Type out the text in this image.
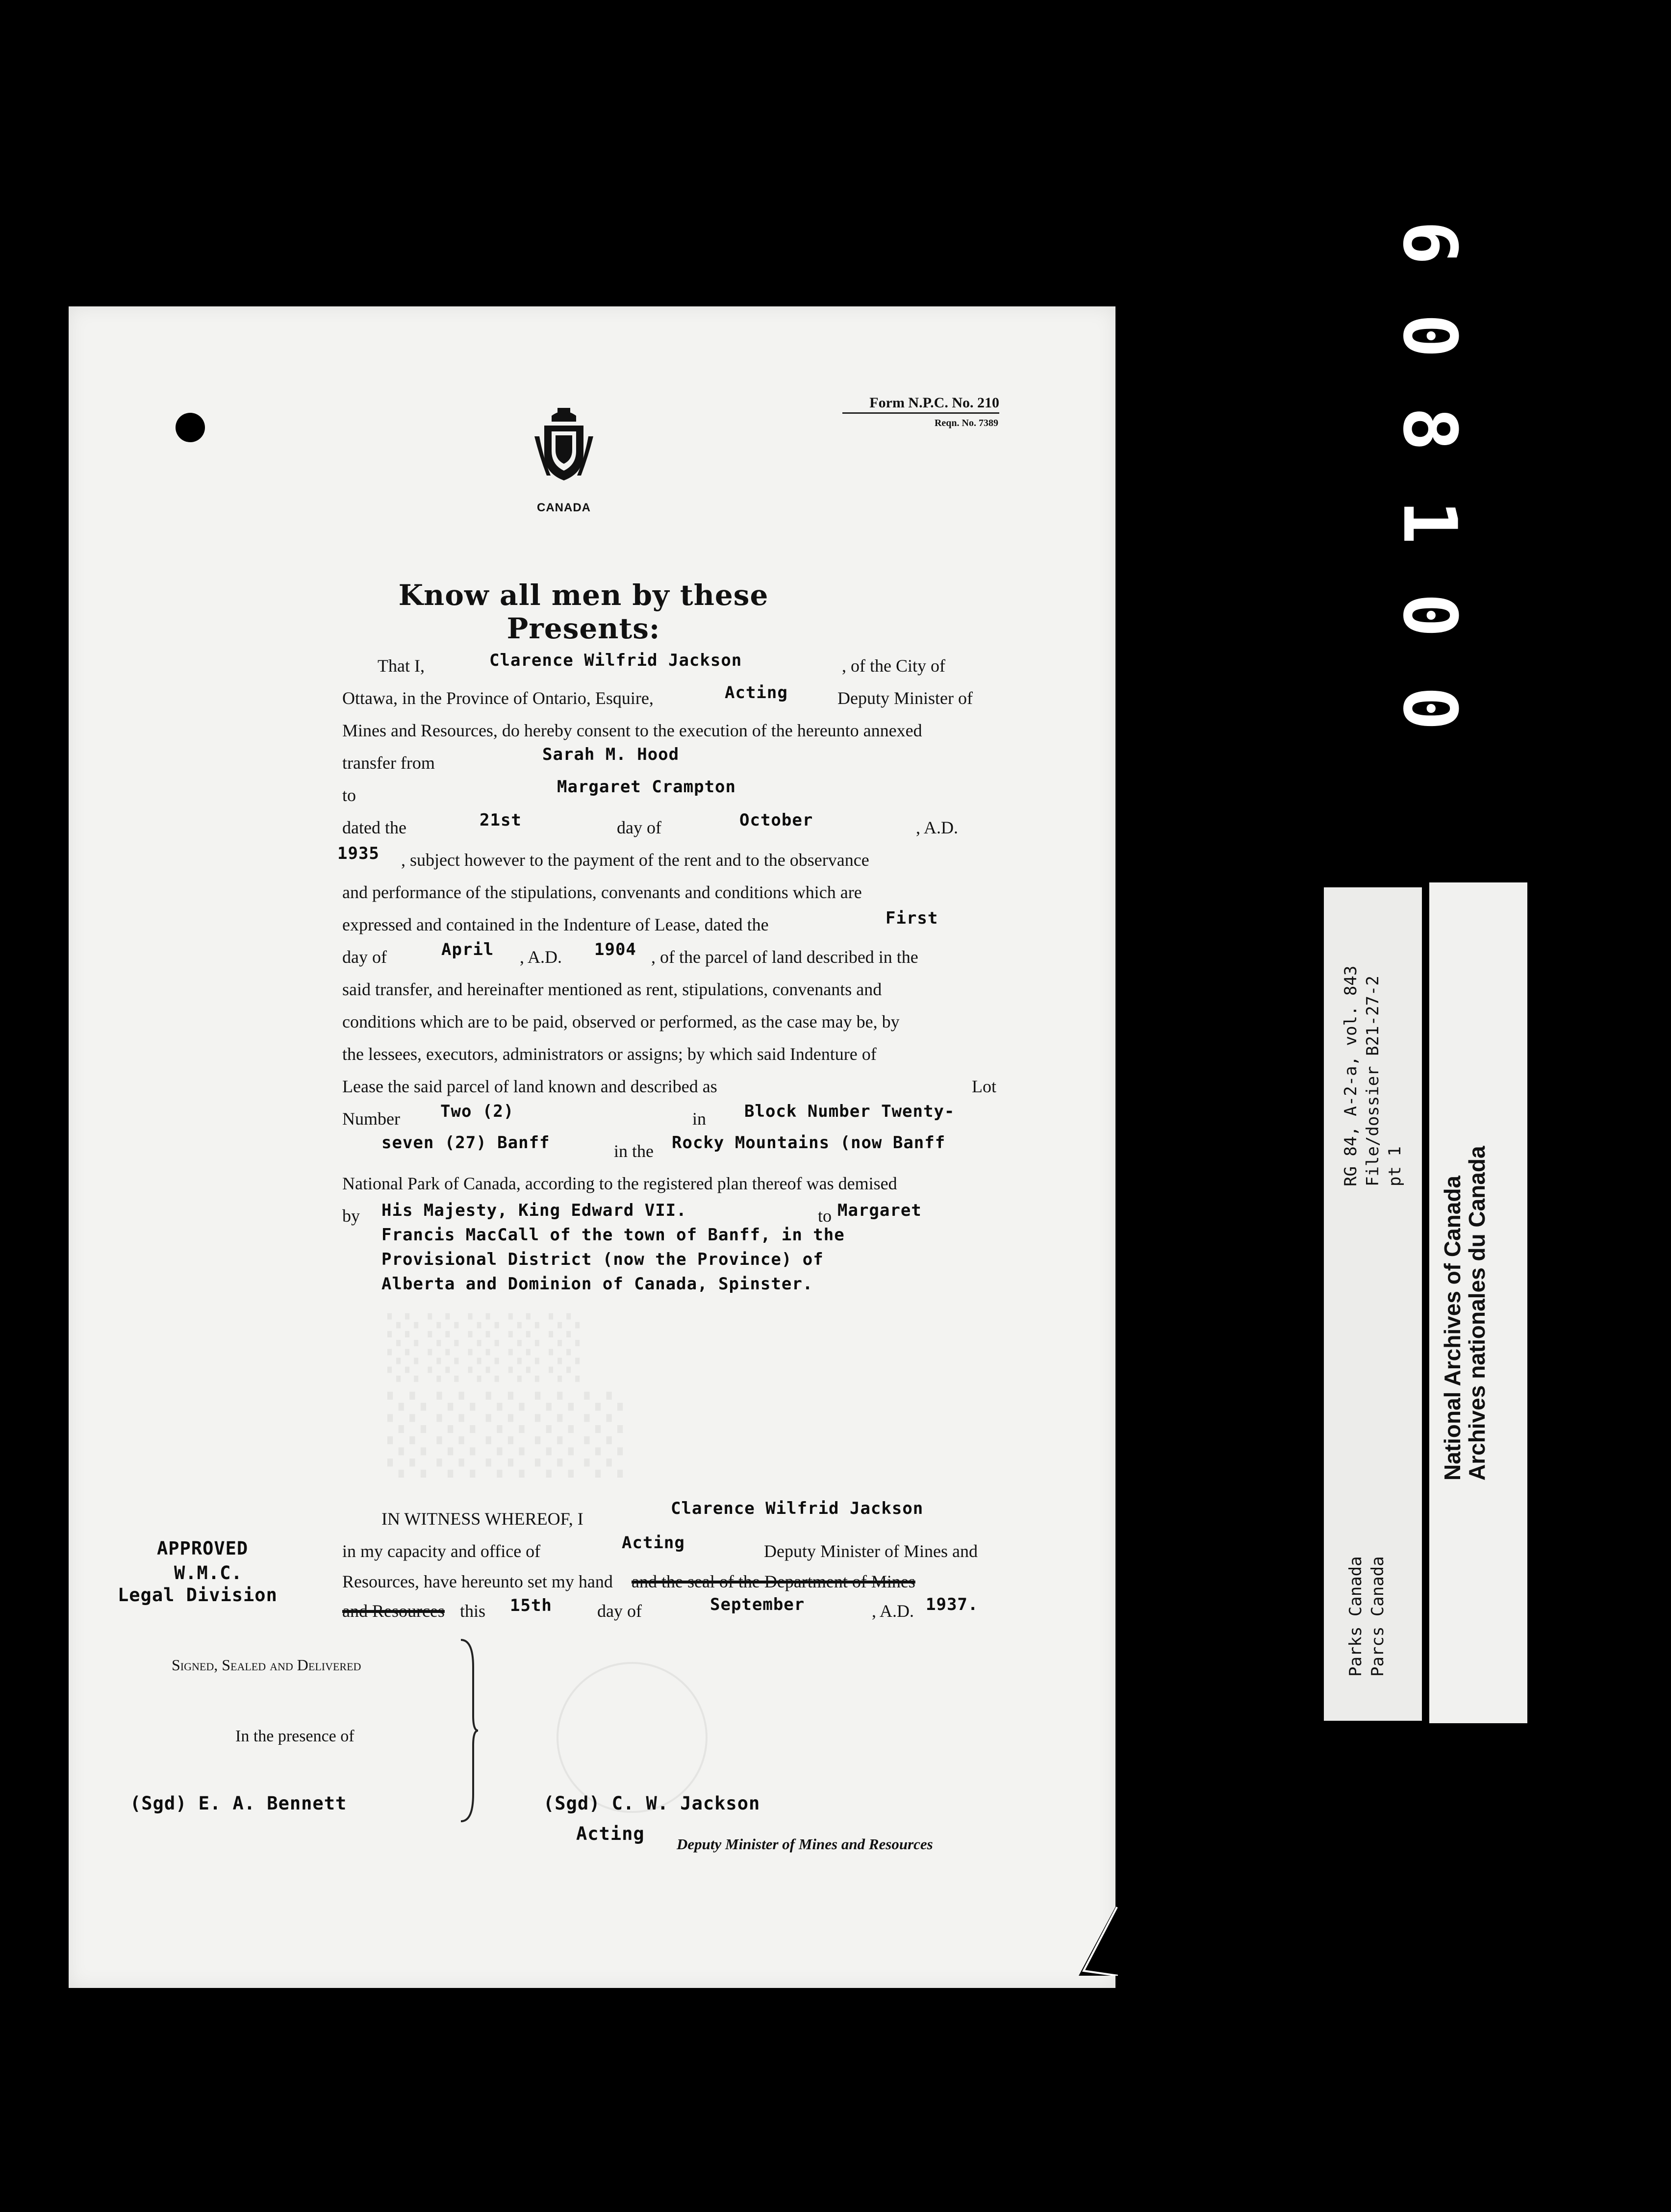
Form N.P.C. No. 210
Reqn. No. 7389
CANADA
Know all men by these Presents:
That I,	Clarence Wilfrid Jackson	, of the City of
Ottawa, in the Province of Ontario, Esquire,	Acting	Deputy Minister of
Mines and Resources, do hereby consent to the execution of the hereunto annexed
transfer from	Sarah M. Hood
to	Margaret Crampton
dated the	21st	day of	October	, A.D.
1935 , subject however to the payment of the rent and to the observance
and performance of the stipulations, convenants and conditions which are
expressed and contained in the Indenture of Lease, dated the	First
day of	April , A.D. 1904 , of the parcel of land described in the
said transfer, and hereinafter mentioned as rent, stipulations, convenants and
conditions which are to be paid, observed or performed, as the case may be, by
the lessees, executors, administrators or assigns; by which said Indenture of
Lease the said parcel of land known and described as	Lot
Number Two (2)	in Block Number Twenty-
seven (27) Banff	in the Rocky Mountains (now Banff
National Park of Canada, according to the registered plan thereof was demised
by His Majesty, King Edward VII.	to Margaret
Francis MacCall of the town of Banff, in the
Provisional District (now the Province) of
Alberta and Dominion of Canada, Spinster.
░░░░░
░░░░░
IN WITNESS WHEREOF, I
Clarence Wilfrid Jackson
in my capacity and office of	Acting	Deputy Minister of Mines and
Resources, have hereunto set my hand and the seal of the Department of Mines
and Resources this 15th	day of	September	, A.D. 1937.
APPROVED
W.M.C.
Legal Division
Signed, Sealed and Delivered
In the presence of
(Sgd) E. A. Bennett	(Sgd) C. W. Jackson
Acting Deputy Minister of Mines and Resources
6
0
8
1
0
0
RG 84, A-2-a, vol. 843 File/dossier B21-27-2 pt 1
Parks Canada Parcs Canada
National Archives of Canada
Archives nationales du Canada
